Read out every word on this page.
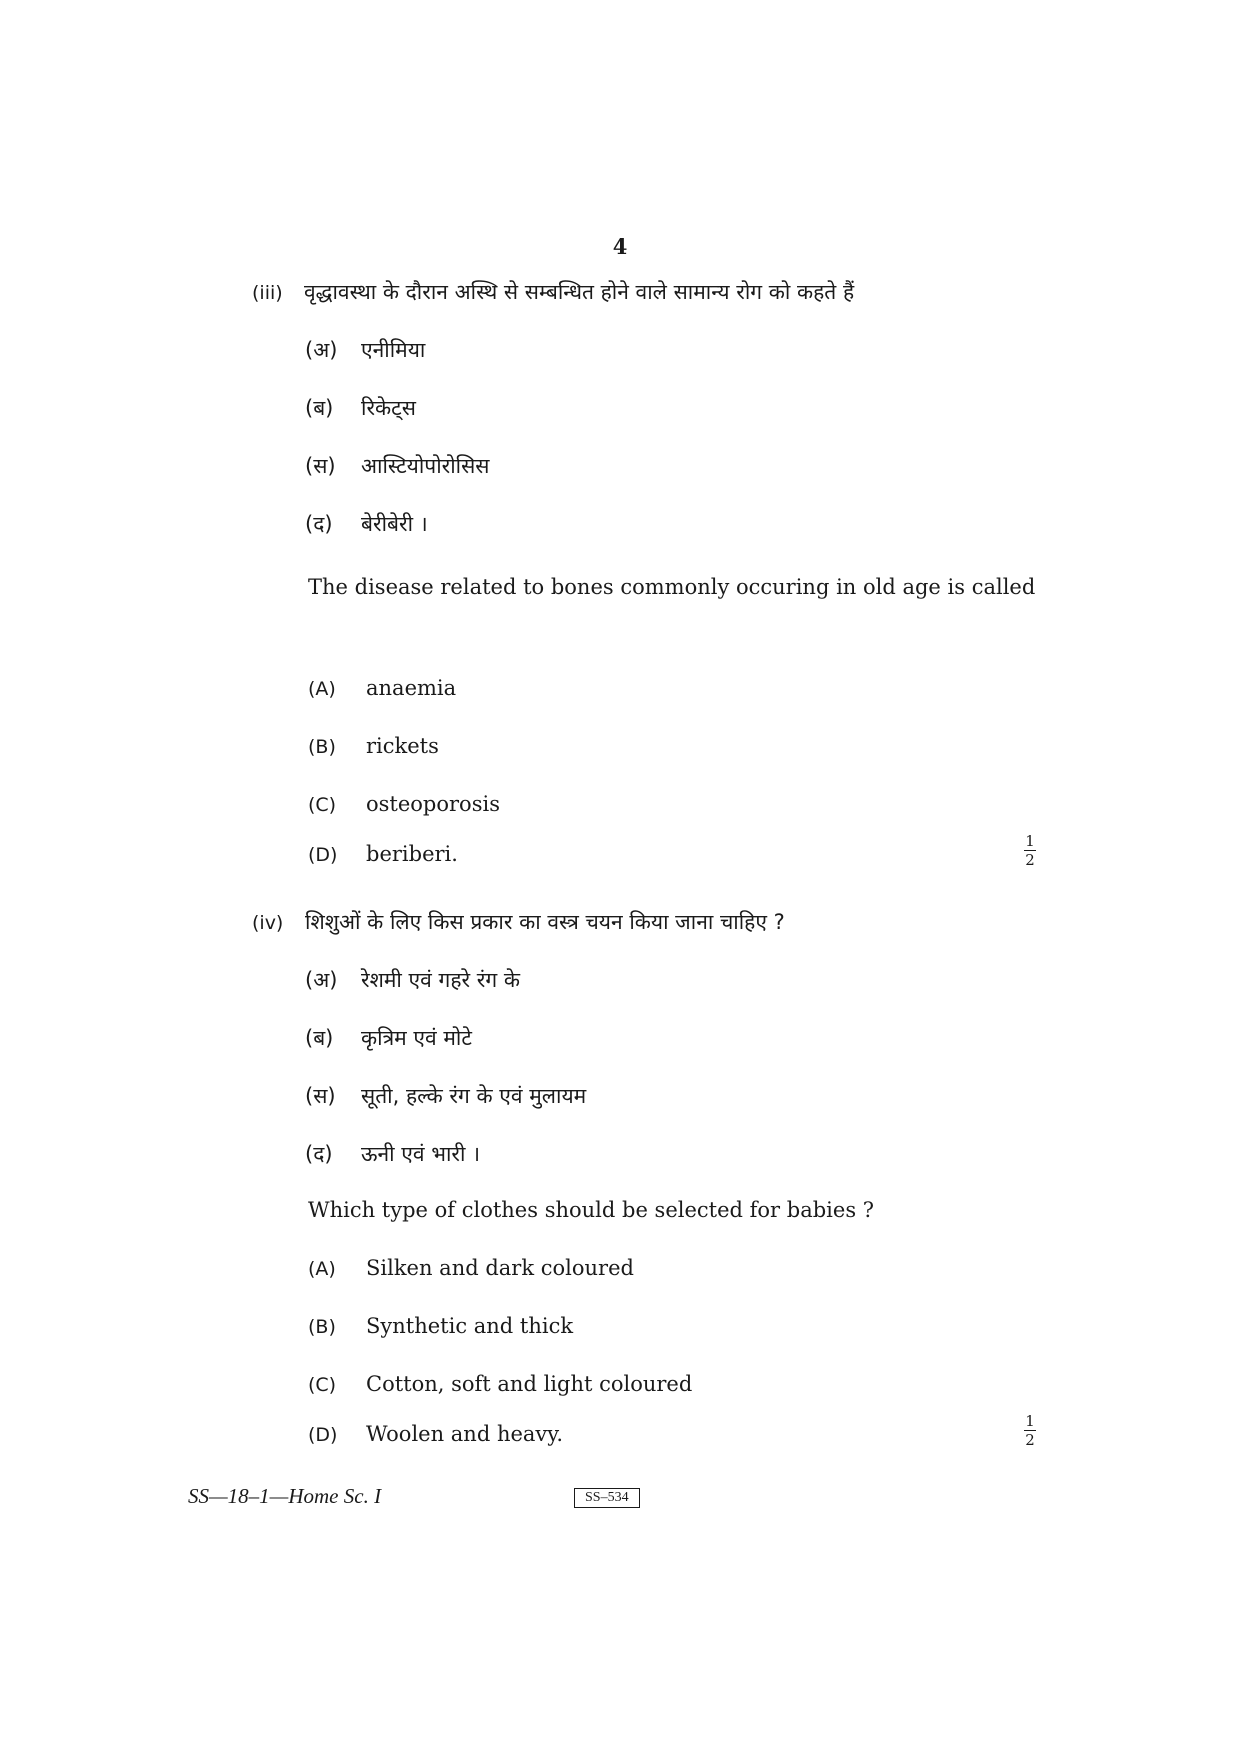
4
(iii) वृद्धावस्था के दौरान अस्थि से सम्बन्धित होने वाले सामान्य रोग को कहते हैं
(अ) एनीमिया
(ब) रिकेट्स
(स) आस्टियोपोरोसिस
(द) बेरीबेरी ।
The disease related to bones commonly occuring in old age is called
(A) anaemia
(B) rickets
(C) osteoporosis
(D) beriberi.
1
2
(iv) शिशुओं के लिए किस प्रकार का वस्त्र चयन किया जाना चाहिए ?
(अ) रेशमी एवं गहरे रंग के
(ब) कृत्रिम एवं मोटे
(स) सूती, हल्के रंग के एवं मुलायम
(द) ऊनी एवं भारी ।
Which type of clothes should be selected for babies ?
(A) Silken and dark coloured
(B) Synthetic and thick
(C) Cotton, soft and light coloured
(D) Woolen and heavy.
1
2
SS—18–1—Home Sc. I	SS–534
